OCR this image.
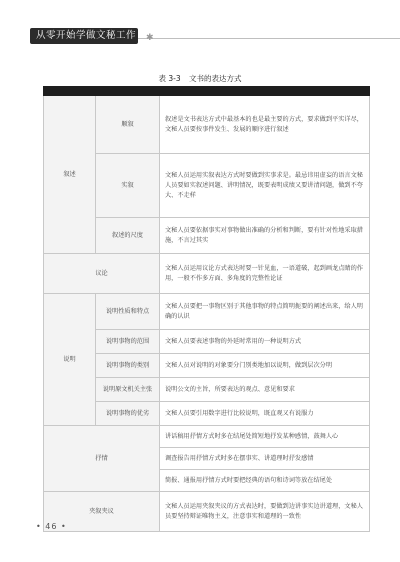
从零开始学做文秘工作 ✱
表 3-3 文书的表达方式

叙述	顺叙	叙述是文书表达方式中最基本的也是最主要的方式，要求做到平实详尽，文秘人员要按事件发生、发展的顺序进行叙述
	实叙	文秘人员运用实叙表达方式时要做到实事求是。最忌讳用虚妄的语言文秘人员要如实叙述问题、讲明情况，既要表明成绩又要讲清问题，做到不夸大、不走样
	叙述的尺度	文秘人员要依据事实对事物做出准确的分析和判断，要有针对性地采取措施，不言过其实
议论		文秘人员运用议论方式表达时要一针见血，一语道破，起到画龙点睛的作用，一般不作多方面、多角度的完整性论证
说明	说明性质和特点	文秘人员要把一事物区别于其他事物的特点简明扼要的阐述出来，给人明确的认识
	说明事物的范围	文秘人员要表述事物的外延时常用的一种说明方式
	说明事物的类别	文秘人员对说明的对象要分门别类地加以说明，做到层次分明
	说明原文机关主张	说明公文的主旨，所要表达的观点、意见和要求
	说明事物的优劣	文秘人员要引用数字进行比较说明，既直观又有说服力
抒情		讲话稿用抒情方式时多在结尾处简短地抒发某种感情，鼓舞人心
		调查报告用抒情方式时多在摆事实、讲道理时抒发感情
		简报、通报用抒情方式时要把经典的语句和诗词等放在结尾处
夹叙夹议		文秘人员运用夹叙夹议的方式表达时，要做到边讲事实边讲道理，文秘人员要坚持辩证唯物主义，注意事实和道理的一致性
• 46 •
